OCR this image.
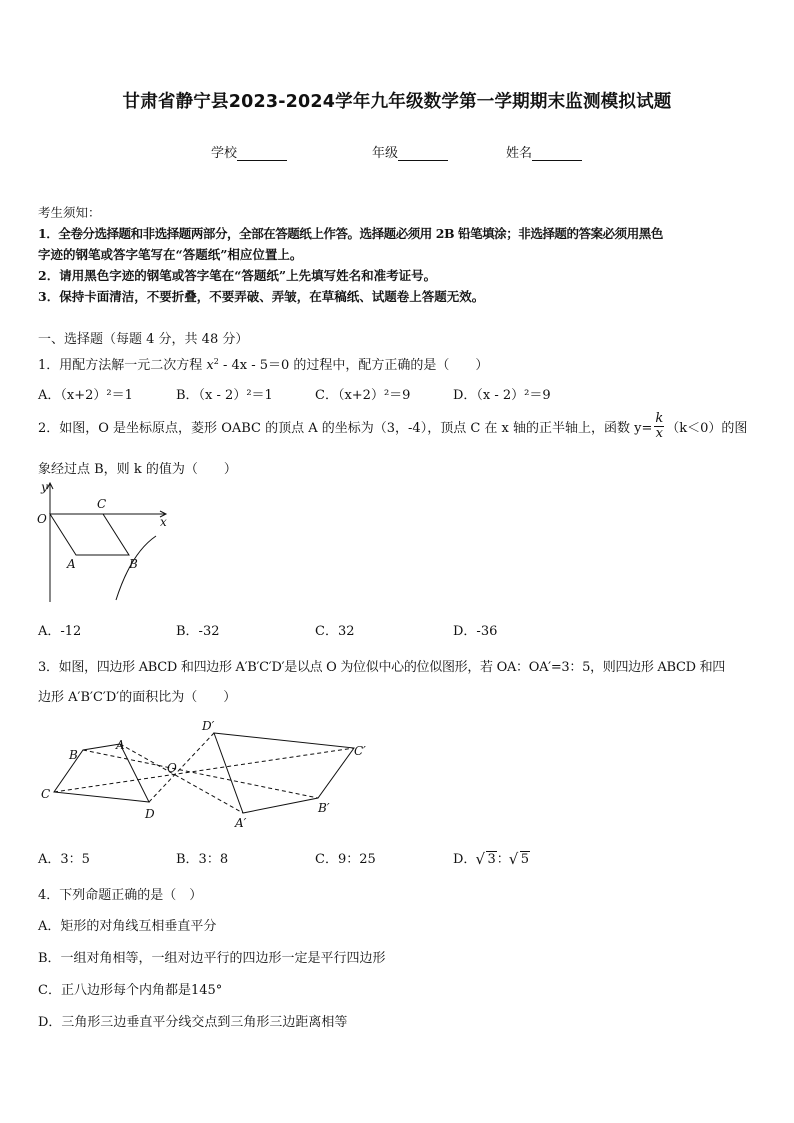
甘肃省静宁县2023-2024学年九年级数学第一学期期末监测模拟试题
学校	年级	姓名
考生须知：
1．全卷分选择题和非选择题两部分，全部在答题纸上作答。选择题必须用 2B 铅笔填涂；非选择题的答案必须用黑色
字迹的钢笔或答字笔写在“答题纸”相应位置上。
2．请用黑色字迹的钢笔或答字笔在“答题纸”上先填写姓名和准考证号。
3．保持卡面清洁，不要折叠，不要弄破、弄皱，在草稿纸、试题卷上答题无效。
一、选择题（每题 4 分，共 48 分）
1．用配方法解一元二次方程 $x^2 - 4x - 5=0$ 的过程中，配方正确的是（　　）
A．（x+2）²＝1	B．（x - 2）²＝1	C．（x+2）²＝9	D．（x - 2）²＝9
2．如图，O 是坐标原点，菱形 OABC 的顶点 A 的坐标为（3，-4），顶点 C 在 x 轴的正半轴上，函数 $y= \frac{k}{x} (k<0)$的图
象经过点 B，则 k 的值为（　　）
y
x
O
A	B
C
A．-12	B．-32	C．32	D．-36
3．如图，四边形 ABCD 和四边形 A′B′C′D′是以点 O 为位似中心的位似图形，若 OA：OA′=3：5，则四边形 ABCD 和四
边形 A′B′C′D′的面积比为（　　）
B
A
C
D
O
D′
C′
B′
A′
A．3：5	B．3：8	C．9：25	D． √ 3： √ 5
4．下列命题正确的是（　）
A．矩形的对角线互相垂直平分
B．一组对角相等，一组对边平行的四边形一定是平行四边形
C．正八边形每个内角都是145°
D．三角形三边垂直平分线交点到三角形三边距离相等
